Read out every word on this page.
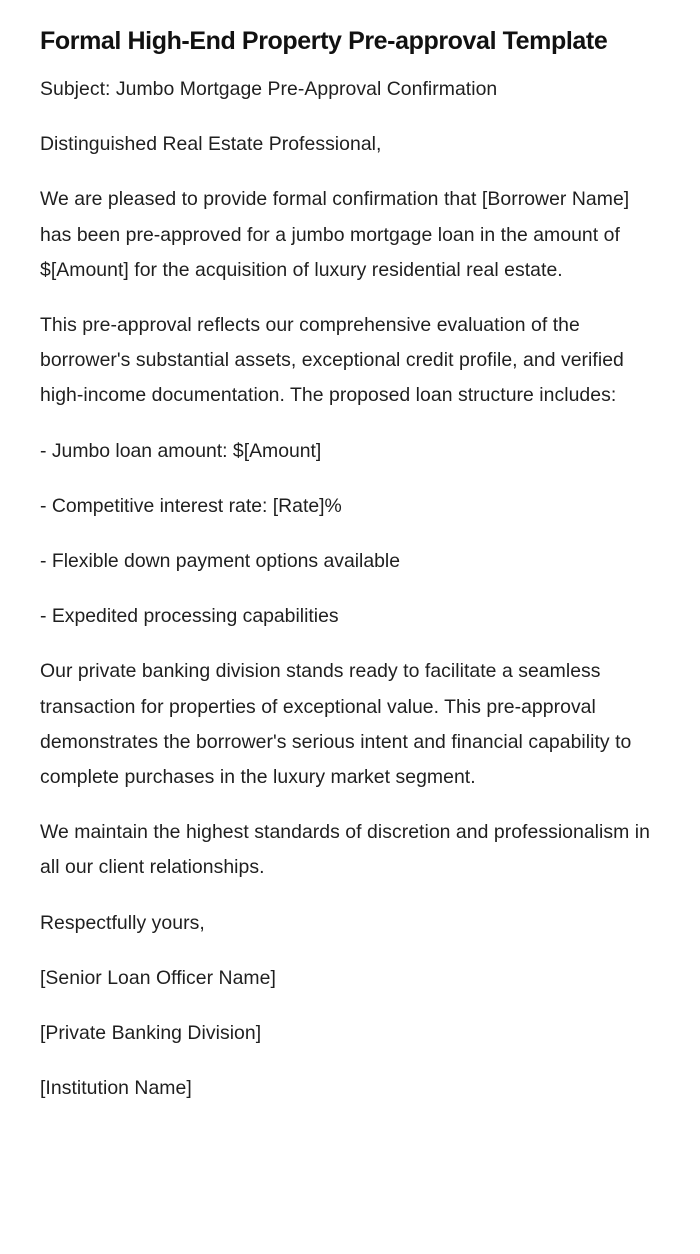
Formal High-End Property Pre-approval Template

Subject: Jumbo Mortgage Pre-Approval Confirmation

Distinguished Real Estate Professional,

We are pleased to provide formal confirmation that [Borrower Name] has been pre-approved for a jumbo mortgage loan in the amount of $[Amount] for the acquisition of luxury residential real estate.

This pre-approval reflects our comprehensive evaluation of the borrower's substantial assets, exceptional credit profile, and verified high-income documentation. The proposed loan structure includes:

- Jumbo loan amount: $[Amount]

- Competitive interest rate: [Rate]%

- Flexible down payment options available

- Expedited processing capabilities

Our private banking division stands ready to facilitate a seamless transaction for properties of exceptional value. This pre-approval demonstrates the borrower's serious intent and financial capability to complete purchases in the luxury market segment.

We maintain the highest standards of discretion and professionalism in all our client relationships.

Respectfully yours,

[Senior Loan Officer Name]

[Private Banking Division]

[Institution Name]
